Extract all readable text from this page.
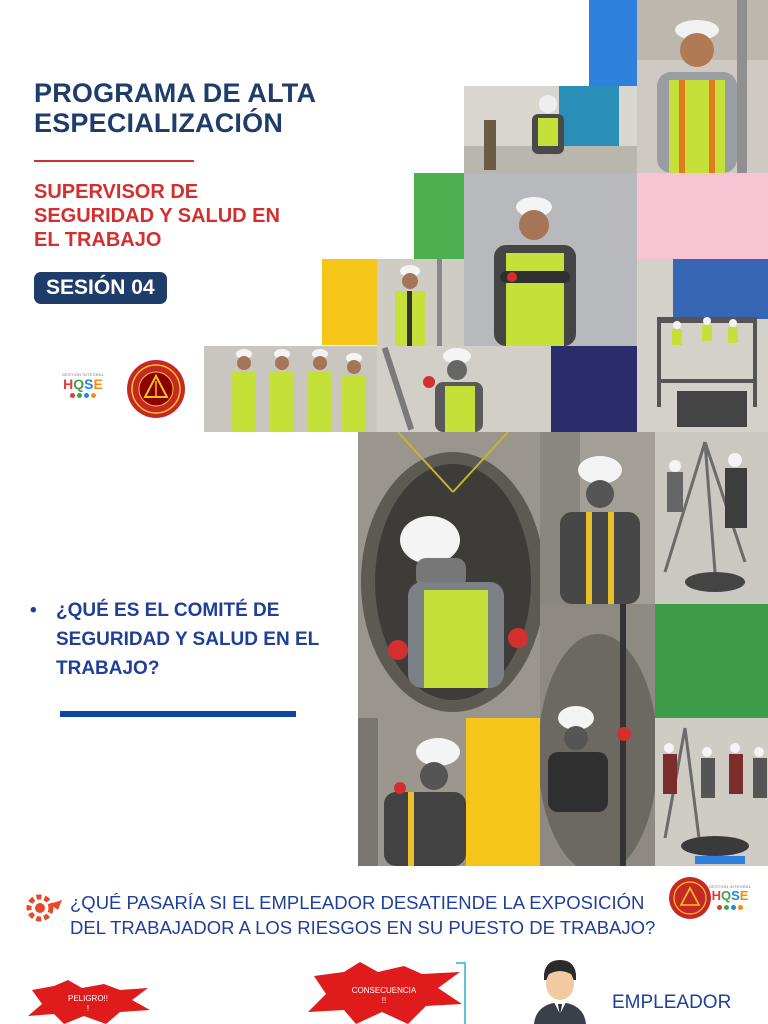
PROGRAMA DE ALTA
ESPECIALIZACIÓN
SUPERVISOR DE
SEGURIDAD Y SALUD EN
EL TRABAJO
SESIÓN 04
GESTIÓN INTEGRAL
HQSE
•	¿QUÉ ES EL COMITÉ DE
SEGURIDAD Y SALUD EN EL
TRABAJO?
¿QUÉ PASARÍA SI EL EMPLEADOR DESATIENDE LA EXPOSICIÓN
DEL TRABAJADOR A LOS RIESGOS EN SU PUESTO DE TRABAJO?
GESTIÓN INTEGRAL
HQSE
PELIGRO!!
!
CONSECUENCIA
!!	EMPLEADOR
